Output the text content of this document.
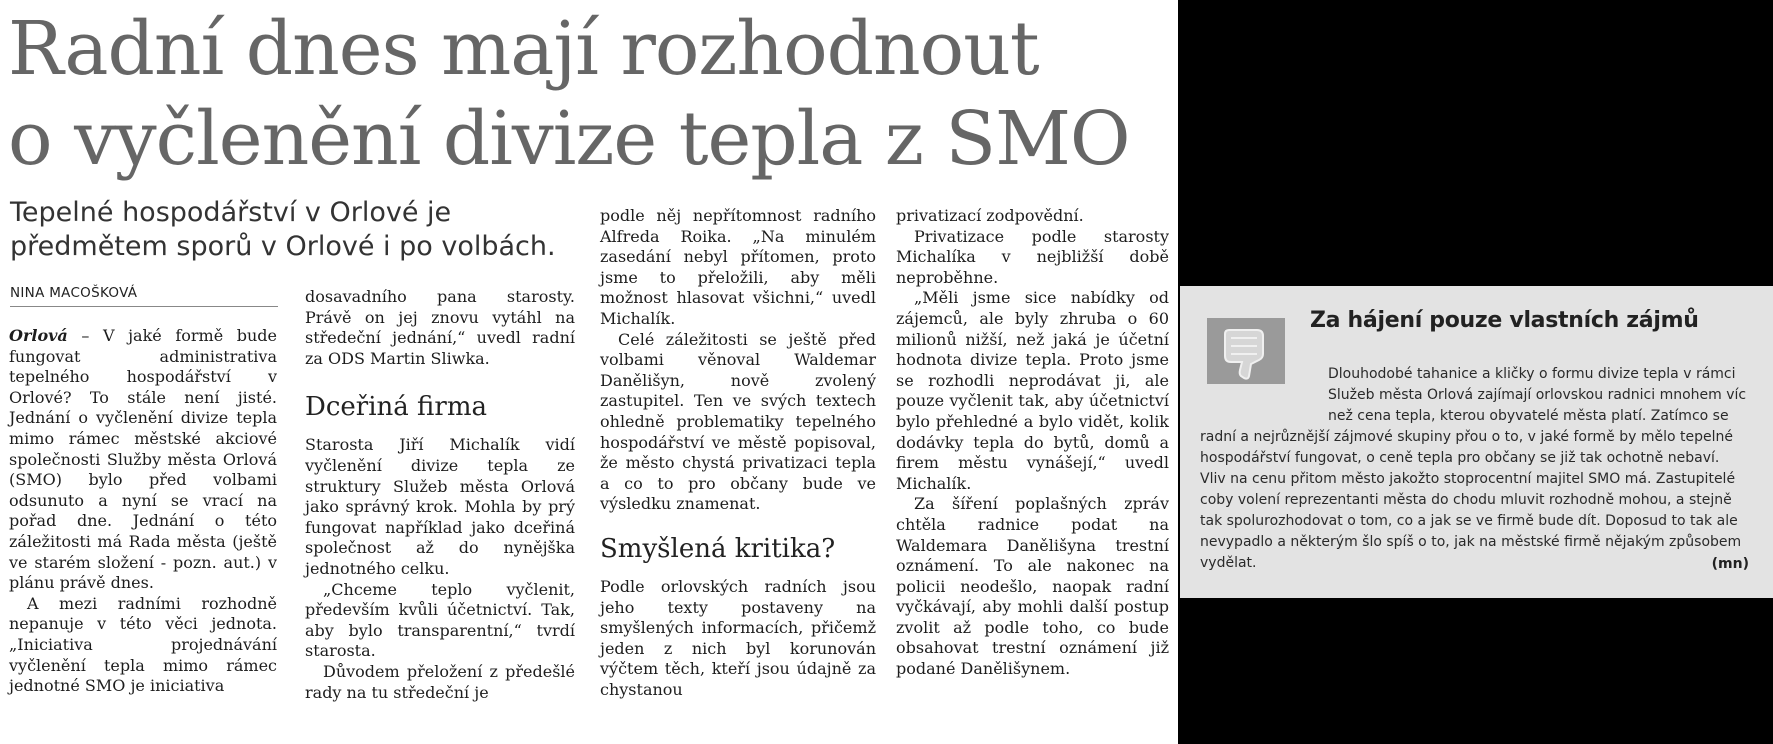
Radní dnes mají rozhodnout
o vyčlenění divize tepla z SMO

Tepelné hospodářství v Orlové je předmětem sporů v Orlové i po volbách.

NINA MACOŠKOVÁ

Orlová – V jaké formě bude fungovat administrativa tepelného hospodářství v Orlové? To stále není jisté. Jednání o vyčlenění divize tepla mimo rámec městské akciové společnosti Služby města Orlová (SMO) bylo před volbami odsunuto a nyní se vrací na pořad dne. Jednání o této záležitosti má Rada města (ještě ve starém složení - pozn. aut.) v plánu právě dnes.

A mezi radními rozhodně nepanuje v této věci jednota. „Iniciativa projednávání vyčlenění tepla mimo rámec jednotné SMO je iniciativa

dosavadního pana starosty. Právě on jej znovu vytáhl na středeční jednání,“ uvedl radní za ODS Martin Sliwka.

Dceřiná firma

Starosta Jiří Michalík vidí vyčlenění divize tepla ze struktury Služeb města Orlová jako správný krok. Mohla by prý fungovat například jako dceřiná společnost až do nynějška jednotného celku.

„Chceme teplo vyčlenit, především kvůli účetnictví. Tak, aby bylo transparentní,“ tvrdí starosta.

Důvodem přeložení z předešlé rady na tu středeční je

podle něj nepřítomnost radního Alfreda Roika. „Na minulém zasedání nebyl přítomen, proto jsme to přeložili, aby měli možnost hlasovat všichni,“ uvedl Michalík.

Celé záležitosti se ještě před volbami věnoval Waldemar Danělišyn, nově zvolený zastupitel. Ten ve svých textech ohledně problematiky tepelného hospodářství ve městě popisoval, že město chystá privatizaci tepla a co to pro občany bude ve výsledku znamenat.

Smyšlená kritika?

Podle orlovských radních jsou jeho texty postaveny na smyšlených informacích, přičemž jeden z nich byl korunován výčtem těch, kteří jsou údajně za chystanou

privatizací zodpovědní.

Privatizace podle starosty Michalíka v nejbližší době neproběhne.

„Měli jsme sice nabídky od zájemců, ale byly zhruba o 60 milionů nižší, než jaká je účetní hodnota divize tepla. Proto jsme se rozhodli neprodávat ji, ale pouze vyčlenit tak, aby účetnictví bylo přehledné a bylo vidět, kolik dodávky tepla do bytů, domů a firem městu vynášejí,“ uvedl Michalík.

Za šíření poplašných zpráv chtěla radnice podat na Waldemara Danělišyna trestní oznámení. To ale nakonec na policii neodešlo, naopak radní vyčkávají, aby mohli další postup zvolit až podle toho, co bude obsahovat trestní oznámení již podané Danělišynem.

Za hájení pouze vlastních zájmů

Dlouhodobé tahanice a kličky o formu divize tepla v rámci Služeb města Orlová zajímají orlovskou radnici mnohem víc než cena tepla, kterou obyvatelé města platí. Zatímco se radní a nejrůznější zájmové skupiny přou o to, v jaké formě by mělo tepelné hospodářství fungovat, o ceně tepla pro občany se již tak ochotně nebaví. Vliv na cenu přitom město jakožto stoprocentní majitel SMO má. Zastupitelé coby volení reprezentanti města do chodu mluvit rozhodně mohou, a stejně tak spolurozhodovat o tom, co a jak se ve firmě bude dít. Doposud to tak ale nevypadlo a některým šlo spíš o to, jak na městské firmě nějakým způsobem vydělat.	(mn)
